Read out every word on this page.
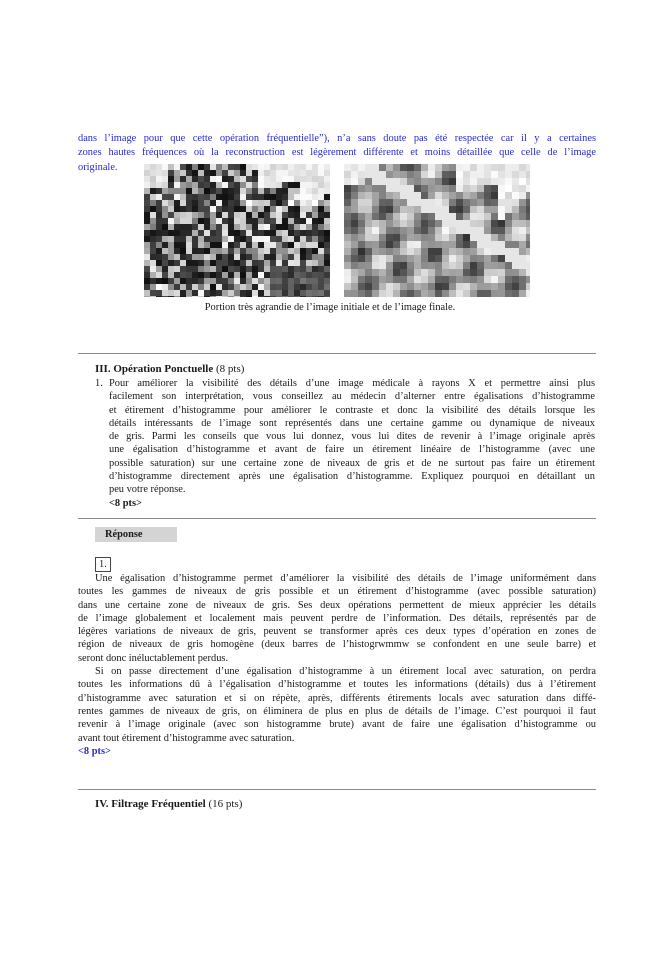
dans l’image pour que cette opération fréquentielle”), n’a sans doute pas été respectée car il y a certaines
zones hautes fréquences où la reconstruction est légèrement différente et moins détaillée que celle de l’image
originale.
Portion très agrandie de l’image initiale et de l’image finale.
III. Opération Ponctuelle (8 pts)
1. Pour améliorer la visibilité des détails d’une image médicale à rayons X et permettre ainsi plus
facilement son interprétation, vous conseillez au médecin d’alterner entre égalisations d’histogramme
et étirement d’histogramme pour améliorer le contraste et donc la visibilité des détails lorsque les
détails intéressants de l’image sont représentés dans une certaine gamme ou dynamique de niveaux
de gris. Parmi les conseils que vous lui donnez, vous lui dites de revenir à l’image originale après
une égalisation d’histogramme et avant de faire un étirement linéaire de l’histogramme (avec une
possible saturation) sur une certaine zone de niveaux de gris et de ne surtout pas faire un étirement
d’histogramme directement après une égalisation d’histogramme. Expliquez pourquoi en détaillant un
peu votre réponse.
<8 pts>
Réponse
1.
Une égalisation d’histogramme permet d’améliorer la visibilité des détails de l’image uniformément dans
toutes les gammes de niveaux de gris possible et un étirement d’histogramme (avec possible saturation)
dans une certaine zone de niveaux de gris. Ses deux opérations permettent de mieux apprécier les détails
de l’image globalement et localement mais peuvent perdre de l’information. Des détails, représentés par de
légères variations de niveaux de gris, peuvent se transformer après ces deux types d’opération en zones de
région de niveaux de gris homogène (deux barres de l’histogrwmmw se confondent en une seule barre) et
seront donc inéluctablement perdus.
Si on passe directement d’une égalisation d’histogramme à un étirement local avec saturation, on perdra
toutes les informations dû à l’égalisation d’histogramme et toutes les informations (détails) dus à l’étirement
d’histogramme avec saturation et si on répète, après, différents étirements locals avec saturation dans diffé-
rentes gammes de niveaux de gris, on éliminera de plus en plus de détails de l’image. C’est pourquoi il faut
revenir à l’image originale (avec son histogramme brute) avant de faire une égalisation d’histogramme ou
avant tout étirement d’histogramme avec saturation.
<8 pts>
IV. Filtrage Fréquentiel (16 pts)
